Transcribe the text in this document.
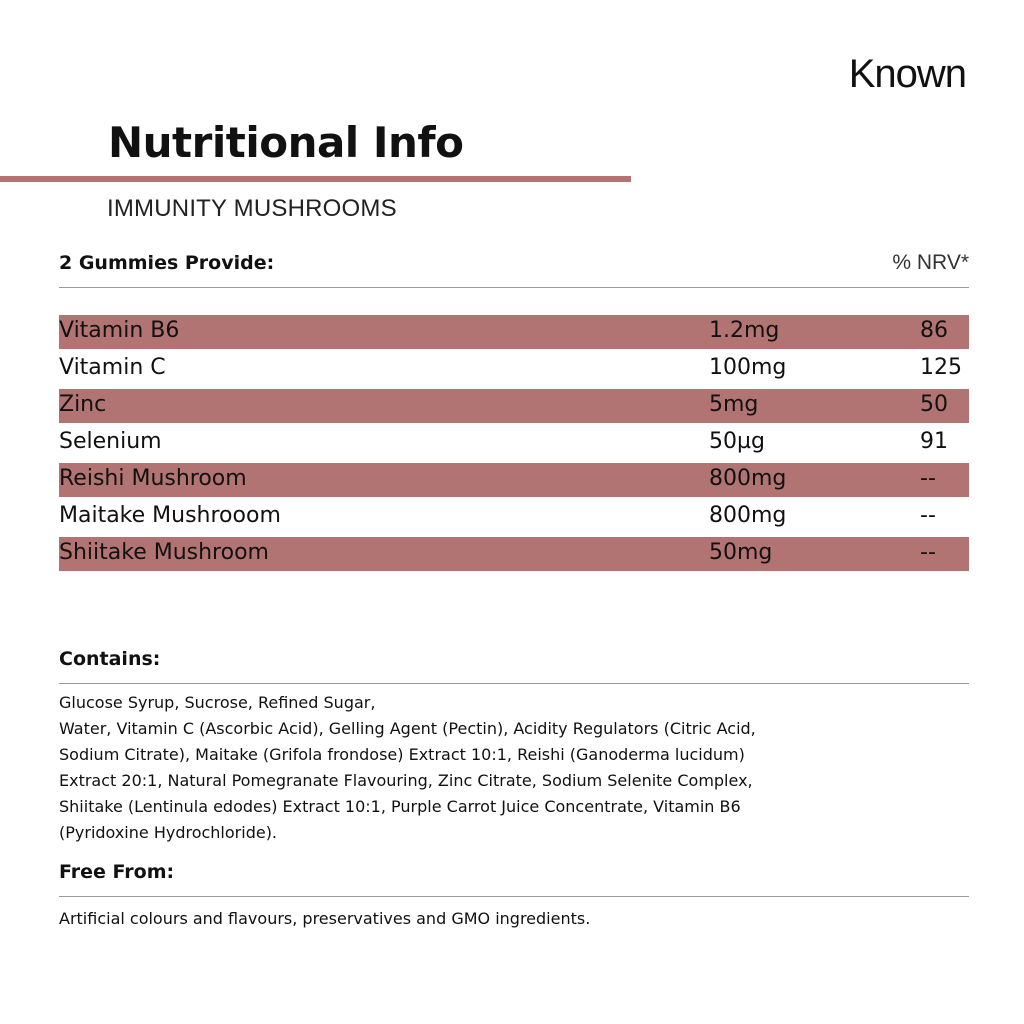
Known
Nutritional Info
IMMUNITY MUSHROOMS
2 Gummies Provide:	% NRV*
Vitamin B6	1.2mg	86
Vitamin C	100mg	125
Zinc	5mg	50
Selenium	50µg	91
Reishi Mushroom	800mg	--
Maitake Mushrooom	800mg	--
Shiitake Mushroom	50mg	--
Contains:
Glucose Syrup, Sucrose, Refined Sugar,
Water, Vitamin C (Ascorbic Acid), Gelling Agent (Pectin), Acidity Regulators (Citric Acid,
Sodium Citrate), Maitake (Grifola frondose) Extract 10:1, Reishi (Ganoderma lucidum)
Extract 20:1, Natural Pomegranate Flavouring, Zinc Citrate, Sodium Selenite Complex,
Shiitake (Lentinula edodes) Extract 10:1, Purple Carrot Juice Concentrate, Vitamin B6
(Pyridoxine Hydrochloride).
Free From:
Artificial colours and flavours, preservatives and GMO ingredients.
